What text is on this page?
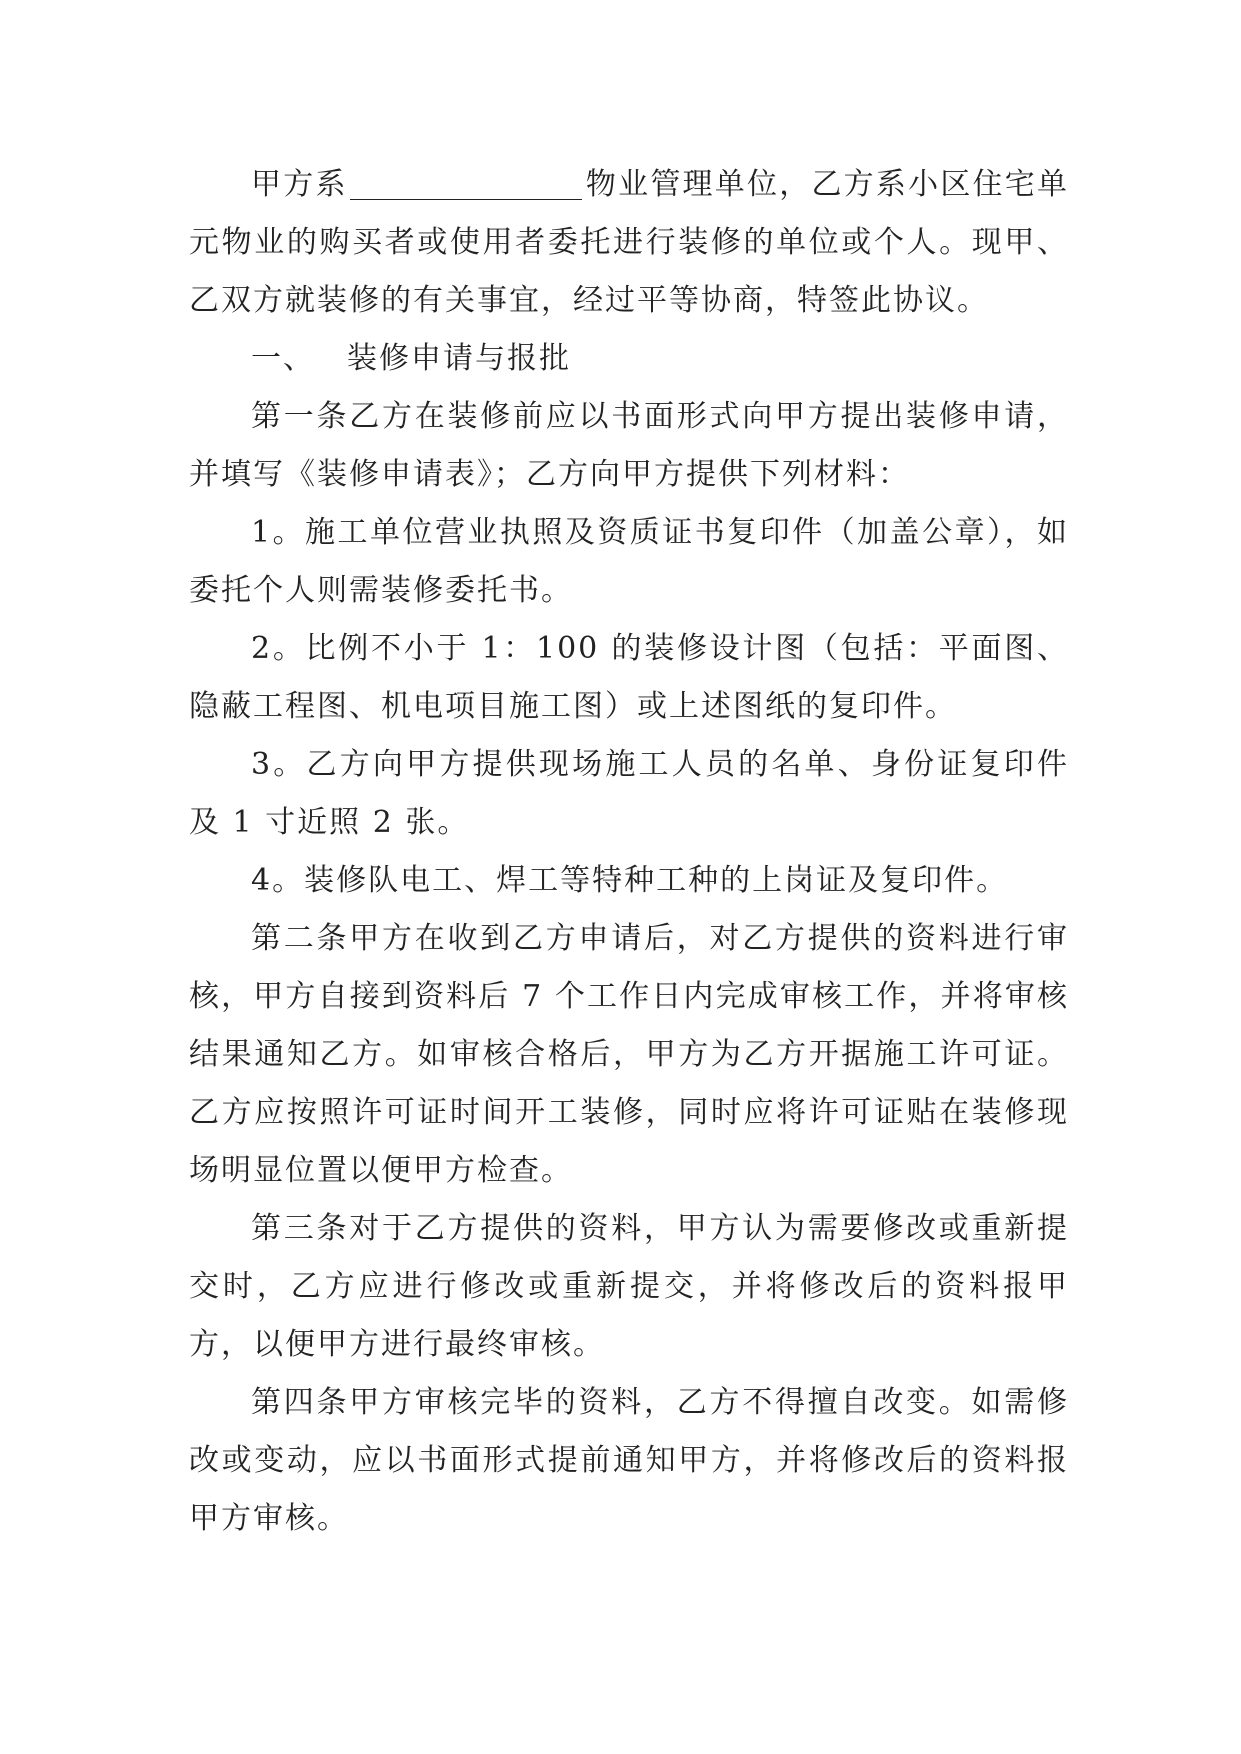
甲方系	物业管理单位，乙方系小区住宅单元物业的购买者或使用者委托进行装修的单位或个人。现甲、乙双方就装修的有关事宜，经过平等协商，特签此协议。

一、 装修申请与报批

第一条乙方在装修前应以书面形式向甲方提出装修申请，并填写《装修申请表》；乙方向甲方提供下列材料：

1。施工单位营业执照及资质证书复印件（加盖公章），如委托个人则需装修委托书。

2。比例不小于 1：100 的装修设计图（包括：平面图、隐蔽工程图、机电项目施工图）或上述图纸的复印件。

3。乙方向甲方提供现场施工人员的名单、身份证复印件及 1 寸近照 2 张。

4。装修队电工、焊工等特种工种的上岗证及复印件。

第二条甲方在收到乙方申请后，对乙方提供的资料进行审核，甲方自接到资料后 7 个工作日内完成审核工作，并将审核结果通知乙方。如审核合格后，甲方为乙方开据施工许可证。乙方应按照许可证时间开工装修，同时应将许可证贴在装修现场明显位置以便甲方检查。

第三条对于乙方提供的资料，甲方认为需要修改或重新提交时，乙方应进行修改或重新提交，并将修改后的资料报甲方，以便甲方进行最终审核。

第四条甲方审核完毕的资料，乙方不得擅自改变。如需修改或变动，应以书面形式提前通知甲方，并将修改后的资料报甲方审核。
